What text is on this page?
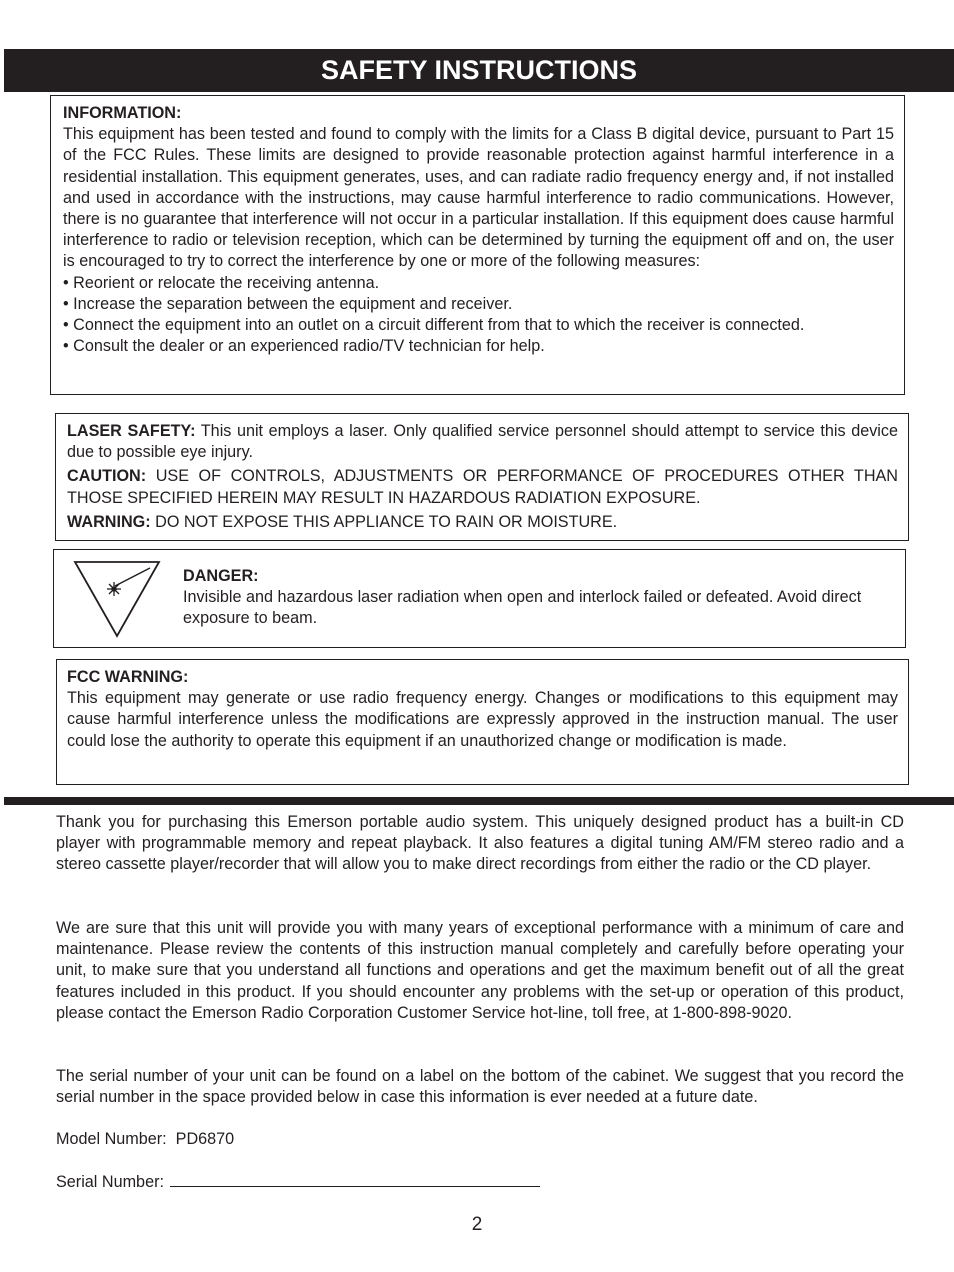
SAFETY INSTRUCTIONS

INFORMATION:

This equipment has been tested and found to comply with the limits for a Class B digital device, pursuant to Part 15 of the FCC Rules. These limits are designed to provide reasonable protection against harmful interference in a residential installation. This equipment generates, uses, and can radiate radio frequency energy and, if not installed and used in accordance with the instructions, may cause harmful interference to radio communications. However, there is no guarantee that interference will not occur in a particular installation. If this equipment does cause harmful interference to radio or television reception, which can be determined by turning the equipment off and on, the user is encouraged to try to correct the interference by one or more of the following measures:

• Reorient or relocate the receiving antenna.
• Increase the separation between the equipment and receiver.
• Connect the equipment into an outlet on a circuit different from that to which the receiver is connected.
• Consult the dealer or an experienced radio/TV technician for help.

LASER SAFETY: This unit employs a laser. Only qualified service personnel should attempt to service this device due to possible eye injury.

CAUTION: USE OF CONTROLS, ADJUSTMENTS OR PERFORMANCE OF PROCEDURES OTHER THAN THOSE SPECIFIED HEREIN MAY RESULT IN HAZARDOUS RADIATION EXPOSURE.

WARNING: DO NOT EXPOSE THIS APPLIANCE TO RAIN OR MOISTURE.

DANGER:

Invisible and hazardous laser radiation when open and interlock failed or defeated. Avoid direct exposure to beam.

FCC WARNING:

This equipment may generate or use radio frequency energy. Changes or modifications to this equipment may cause harmful interference unless the modifications are expressly approved in the instruction manual. The user could lose the authority to operate this equipment if an unauthorized change or modification is made.

Thank you for purchasing this Emerson portable audio system. This uniquely designed product has a built-in CD player with programmable memory and repeat playback. It also features a digital tuning AM/FM stereo radio and a stereo cassette player/recorder that will allow you to make direct recordings from either the radio or the CD player.

We are sure that this unit will provide you with many years of exceptional performance with a minimum of care and maintenance. Please review the contents of this instruction manual completely and carefully before operating your unit, to make sure that you understand all functions and operations and get the maximum benefit out of all the great features included in this product. If you should encounter any problems with the set-up or operation of this product, please contact the Emerson Radio Corporation Customer Service hot-line, toll free, at 1-800-898-9020.

The serial number of your unit can be found on a label on the bottom of the cabinet. We suggest that you record the serial number in the space provided below in case this information is ever needed at a future date.

Model Number: PD6870
Serial Number:
2
